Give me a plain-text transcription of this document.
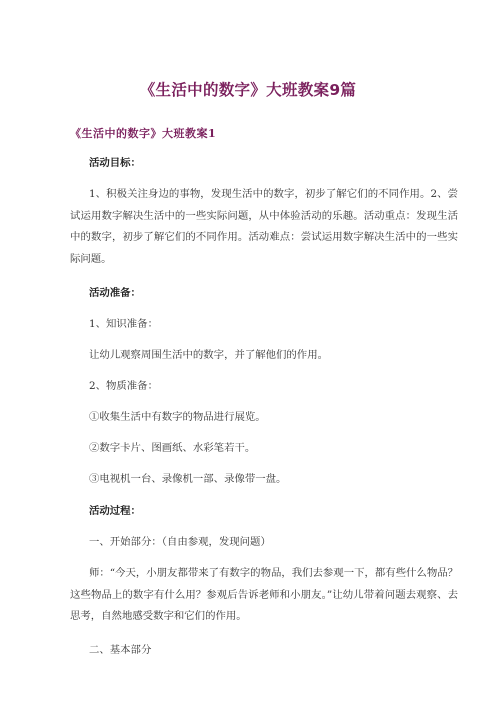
《生活中的数字》大班教案9篇
《生活中的数字》大班教案1
活动目标：
1、积极关注身边的事物，发现生活中的数字，初步了解它们的不同作用。2、尝试运用数字解决生活中的一些实际问题，从中体验活动的乐趣。活动重点：发现生活中的数字，初步了解它们的不同作用。活动难点：尝试运用数字解决生活中的一些实际问题。
活动准备：
1、知识准备：
让幼儿观察周围生活中的数字，并了解他们的作用。
2、物质准备：
①收集生活中有数字的物品进行展览。
②数字卡片、图画纸、水彩笔若干。
③电视机一台、录像机一部、录像带一盘。
活动过程：
一、开始部分：（自由参观，发现问题）
师：“今天，小朋友都带来了有数字的物品，我们去参观一下，都有些什么物品？这些物品上的数字有什么用？参观后告诉老师和小朋友。”让幼儿带着问题去观察、去思考，自然地感受数字和它们的作用。
二、基本部分
